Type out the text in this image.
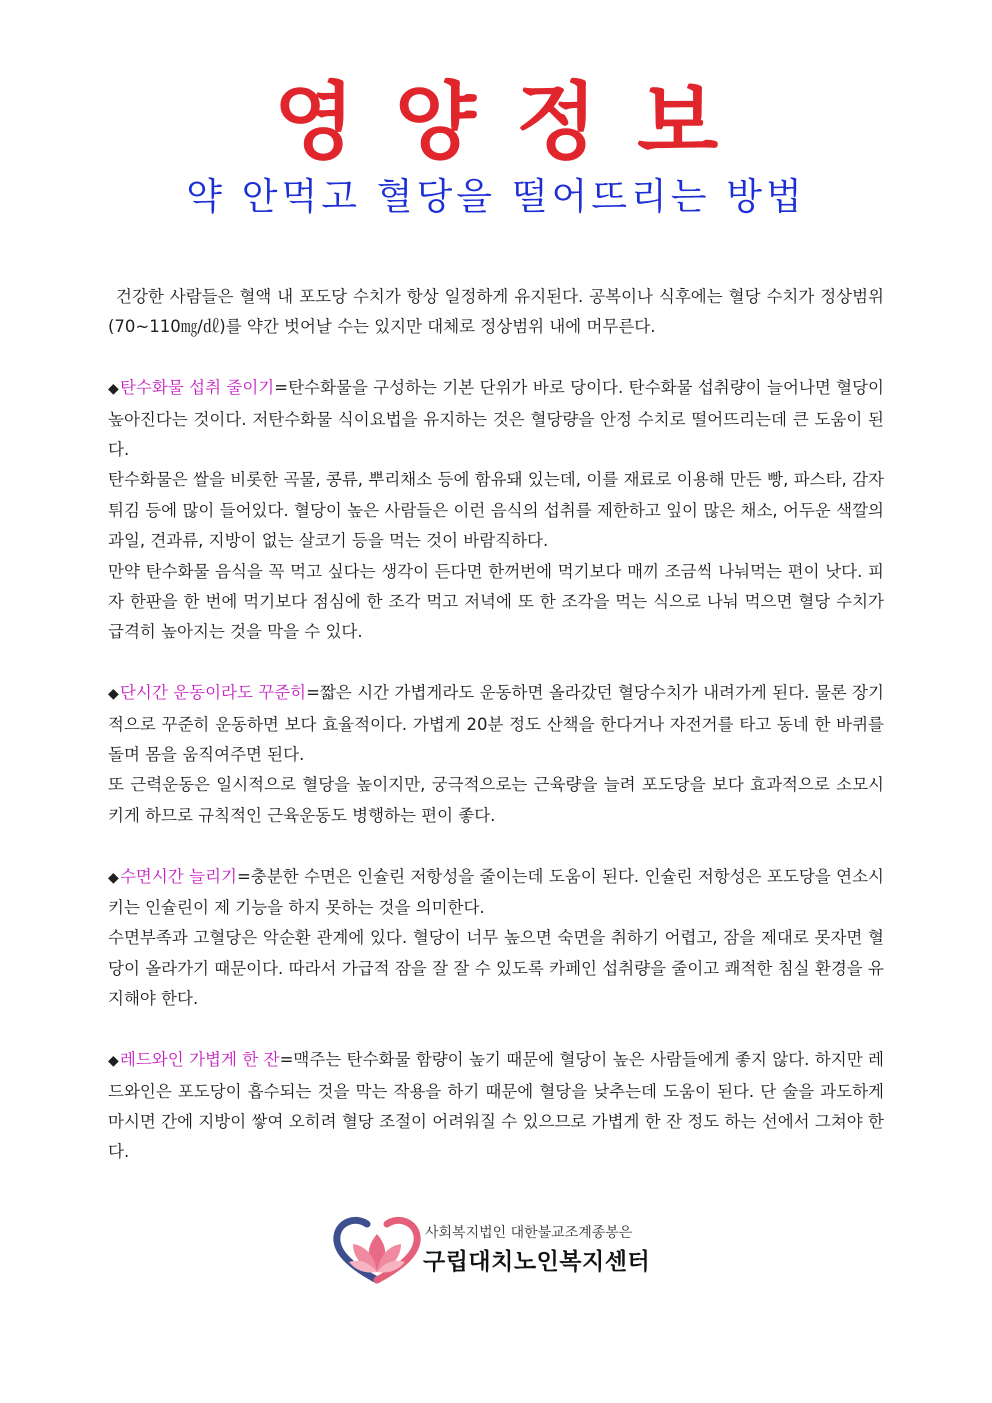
영양정보
약 안먹고 혈당을 떨어뜨리는 방법

건강한 사람들은 혈액 내 포도당 수치가 항상 일정하게 유지된다. 공복이나 식후에는 혈당 수치가 정상범위(70~110㎎/㎗)를 약간 벗어날 수는 있지만 대체로 정상범위 내에 머무른다.

◆탄수화물 섭취 줄이기=탄수화물을 구성하는 기본 단위가 바로 당이다. 탄수화물 섭취량이 늘어나면 혈당이 높아진다는 것이다. 저탄수화물 식이요법을 유지하는 것은 혈당량을 안정 수치로 떨어뜨리는데 큰 도움이 된다.

탄수화물은 쌀을 비롯한 곡물, 콩류, 뿌리채소 등에 함유돼 있는데, 이를 재료로 이용해 만든 빵, 파스타, 감자튀김 등에 많이 들어있다. 혈당이 높은 사람들은 이런 음식의 섭취를 제한하고 잎이 많은 채소, 어두운 색깔의 과일, 견과류, 지방이 없는 살코기 등을 먹는 것이 바람직하다.

만약 탄수화물 음식을 꼭 먹고 싶다는 생각이 든다면 한꺼번에 먹기보다 매끼 조금씩 나눠먹는 편이 낫다. 피자 한판을 한 번에 먹기보다 점심에 한 조각 먹고 저녁에 또 한 조각을 먹는 식으로 나눠 먹으면 혈당 수치가 급격히 높아지는 것을 막을 수 있다.

◆단시간 운동이라도 꾸준히=짧은 시간 가볍게라도 운동하면 올라갔던 혈당수치가 내려가게 된다. 물론 장기적으로 꾸준히 운동하면 보다 효율적이다. 가볍게 20분 정도 산책을 한다거나 자전거를 타고 동네 한 바퀴를 돌며 몸을 움직여주면 된다.

또 근력운동은 일시적으로 혈당을 높이지만, 궁극적으로는 근육량을 늘려 포도당을 보다 효과적으로 소모시키게 하므로 규칙적인 근육운동도 병행하는 편이 좋다.

◆수면시간 늘리기=충분한 수면은 인슐린 저항성을 줄이는데 도움이 된다. 인슐린 저항성은 포도당을 연소시키는 인슐린이 제 기능을 하지 못하는 것을 의미한다.

수면부족과 고혈당은 악순환 관계에 있다. 혈당이 너무 높으면 숙면을 취하기 어렵고, 잠을 제대로 못자면 혈당이 올라가기 때문이다. 따라서 가급적 잠을 잘 잘 수 있도록 카페인 섭취량을 줄이고 쾌적한 침실 환경을 유지해야 한다.

◆레드와인 가볍게 한 잔=맥주는 탄수화물 함량이 높기 때문에 혈당이 높은 사람들에게 좋지 않다. 하지만 레드와인은 포도당이 흡수되는 것을 막는 작용을 하기 때문에 혈당을 낮추는데 도움이 된다. 단 술을 과도하게 마시면 간에 지방이 쌓여 오히려 혈당 조절이 어려워질 수 있으므로 가볍게 한 잔 정도 하는 선에서 그쳐야 한다.

사회복지법인 대한불교조계종봉은
구립대치노인복지센터
